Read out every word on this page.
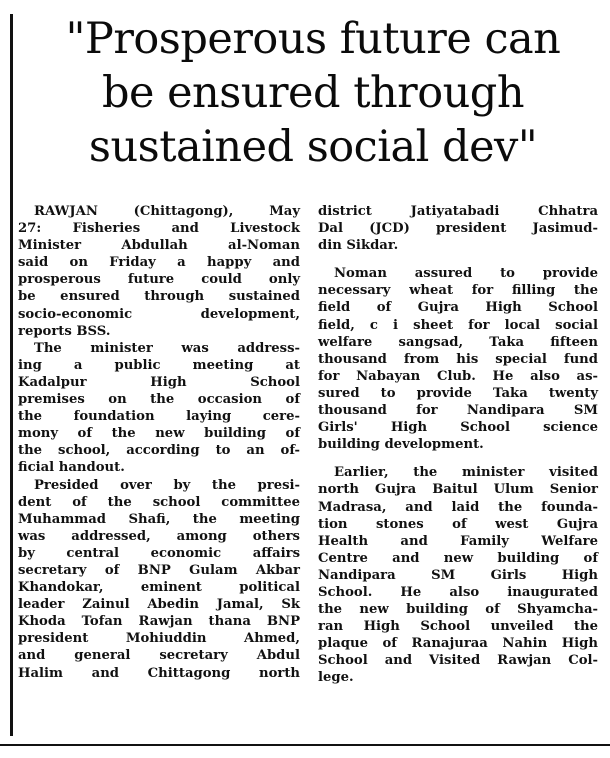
"Prosperous future can
be ensured through
sustained social dev"
RAWJAN (Chittagong), May
27: Fisheries and Livestock
Minister Abdullah al-Noman
said on Friday a happy and
prosperous future could only
be ensured through sustained
socio-economic development,
reports BSS.
The minister was address-
ing a public meeting at
Kadalpur High School
premises on the occasion of
the foundation laying cere-
mony of the new building of
the school, according to an of-
ficial handout.
Presided over by the presi-
dent of the school committee
Muhammad Shafi, the meeting
was addressed, among others
by central economic affairs
secretary of BNP Gulam Akbar
Khandokar, eminent political
leader Zainul Abedin Jamal, Sk
Khoda Tofan Rawjan thana BNP
president Mohiuddin Ahmed,
and general secretary Abdul
Halim and Chittagong north
district Jatiyatabadi Chhatra
Dal (JCD) president Jasimud-
din Sikdar.
Noman assured to provide
necessary wheat for filling the
field of Gujra High School
field, c i sheet for local social
welfare sangsad, Taka fifteen
thousand from his special fund
for Nabayan Club. He also as-
sured to provide Taka twenty
thousand for Nandipara SM
Girls' High School science
building development.
Earlier, the minister visited
north Gujra Baitul Ulum Senior
Madrasa, and laid the founda-
tion stones of west Gujra
Health and Family Welfare
Centre and new building of
Nandipara SM Girls High
School. He also inaugurated
the new building of Shyamcha-
ran High School unveiled the
plaque of Ranajuraa Nahin High
School and Visited Rawjan Col-
lege.
